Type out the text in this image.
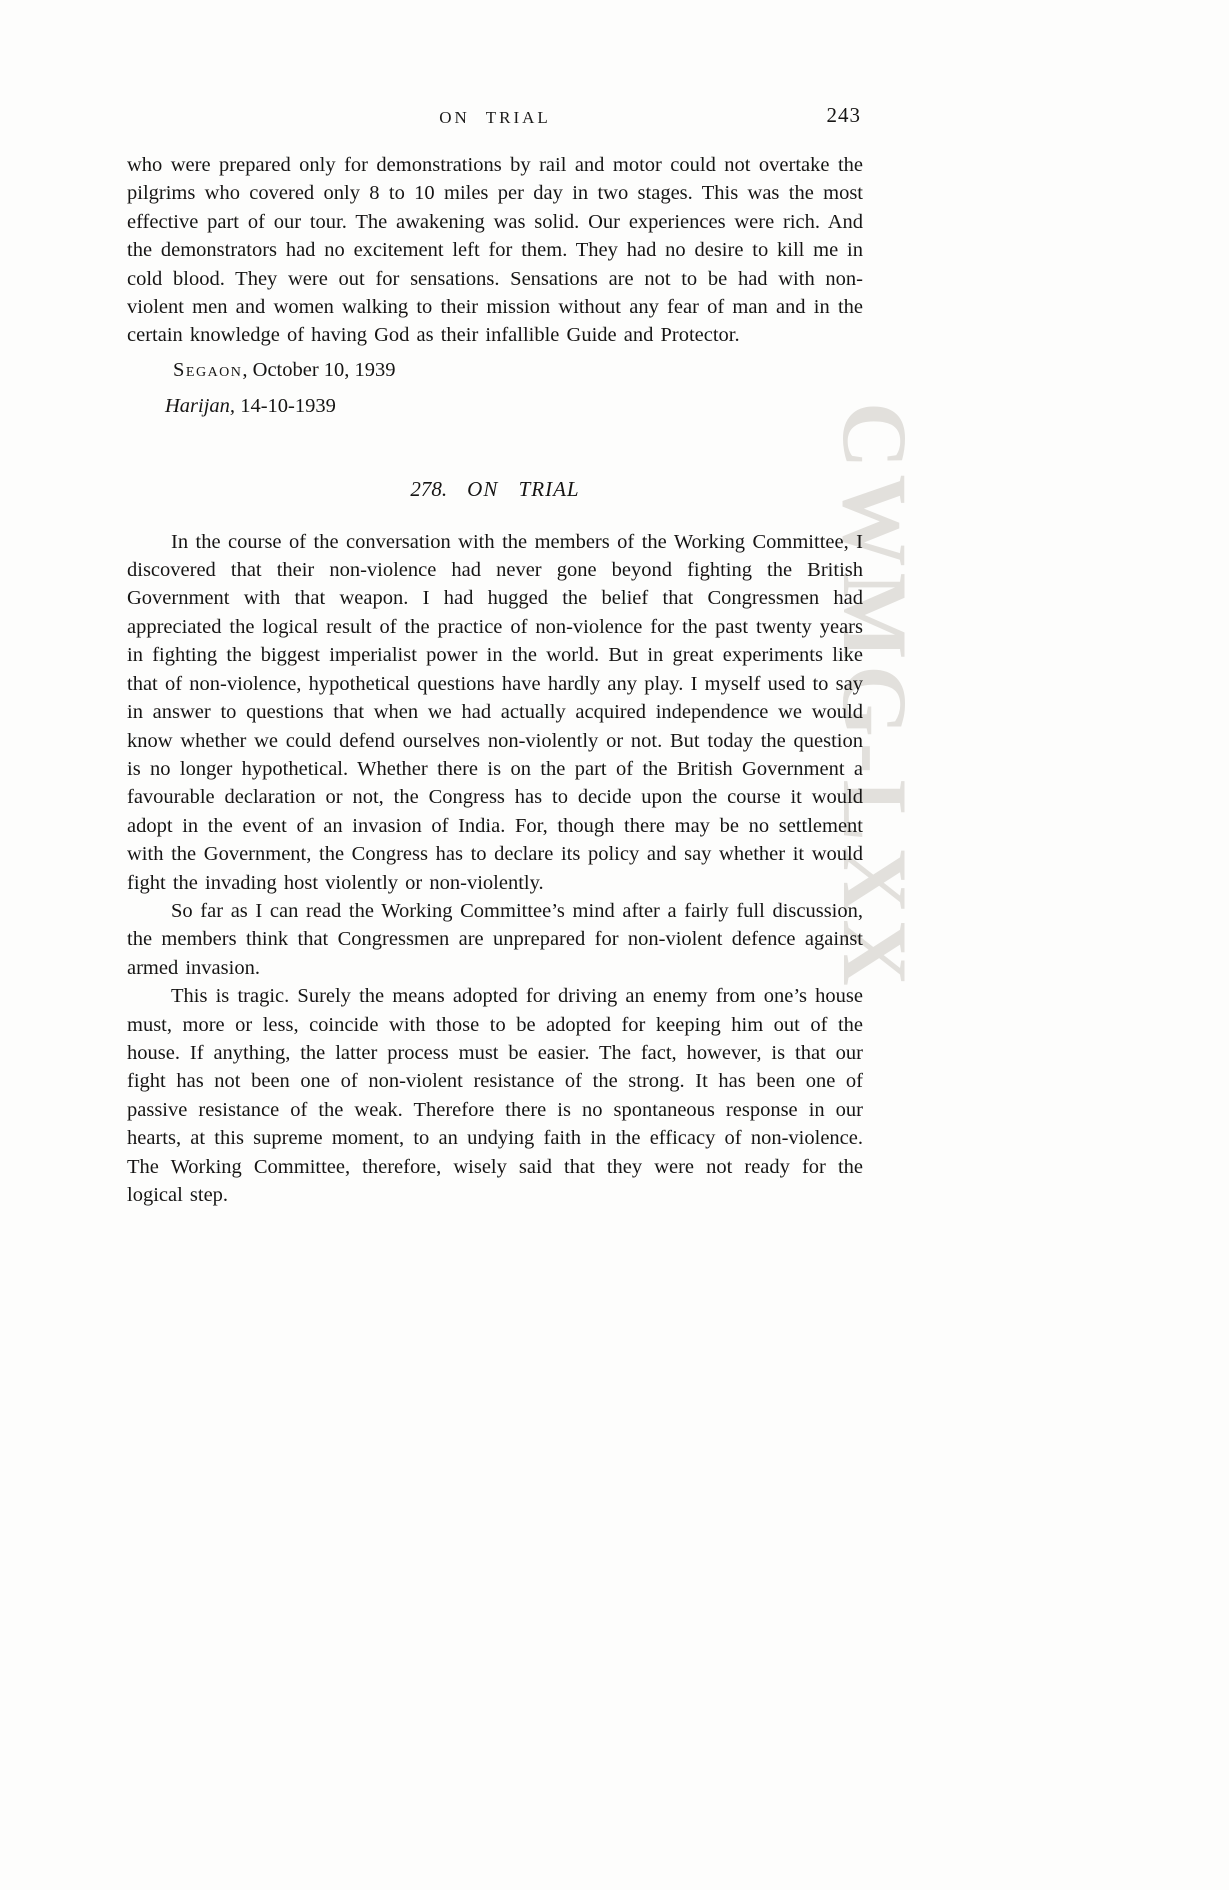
CWMG-LXX
ON TRIAL	243

who were prepared only for demonstrations by rail and motor could not overtake the pilgrims who covered only 8 to 10 miles per day in two stages. This was the most effective part of our tour. The awakening was solid. Our experiences were rich. And the demonstrators had no excitement left for them. They had no desire to kill me in cold blood. They were out for sensations. Sensations are not to be had with non-violent men and women walking to their mission without any fear of man and in the certain knowledge of having God as their infallible Guide and Protector.

Segaon, October 10, 1939

Harijan, 14-10-1939

278. ON TRIAL

In the course of the conversation with the members of the Working Committee, I discovered that their non-violence had never gone beyond fighting the British Government with that weapon. I had hugged the belief that Congressmen had appreciated the logical result of the practice of non-violence for the past twenty years in fighting the biggest imperialist power in the world. But in great experiments like that of non-violence, hypothetical questions have hardly any play. I myself used to say in answer to questions that when we had actually acquired independence we would know whether we could defend ourselves non-violently or not. But today the question is no longer hypothetical. Whether there is on the part of the British Government a favourable declaration or not, the Congress has to decide upon the course it would adopt in the event of an invasion of India. For, though there may be no settlement with the Government, the Congress has to declare its policy and say whether it would fight the invading host violently or non-violently.

So far as I can read the Working Committee’s mind after a fairly full discussion, the members think that Congressmen are unprepared for non-violent defence against armed invasion.

This is tragic. Surely the means adopted for driving an enemy from one’s house must, more or less, coincide with those to be adopted for keeping him out of the house. If anything, the latter process must be easier. The fact, however, is that our fight has not been one of non-violent resistance of the strong. It has been one of passive resistance of the weak. Therefore there is no spontaneous response in our hearts, at this supreme moment, to an undying faith in the efficacy of non-violence. The Working Committee, therefore, wisely said that they were not ready for the logical step.
